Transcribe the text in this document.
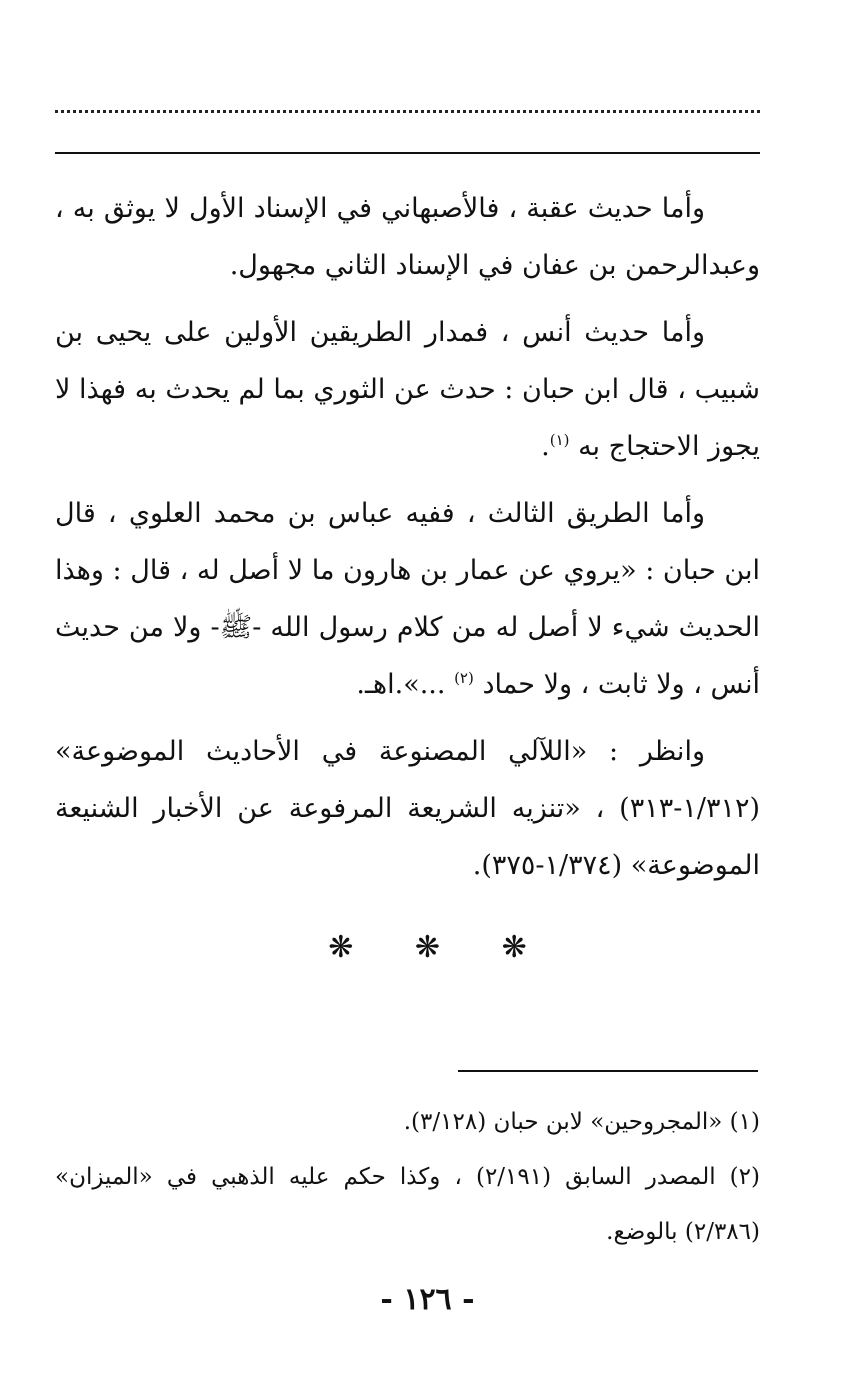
وأما حديث عقبة ، فالأصبهاني في الإسناد الأول لا يوثق به ، وعبدالرحمن بن عفان في الإسناد الثاني مجهول.

وأما حديث أنس ، فمدار الطريقين الأولين على يحيى بن شبيب ، قال ابن حبان : حدث عن الثوري بما لم يحدث به فهذا لا يجوز الاحتجاج به $^{(١)}$.

وأما الطريق الثالث ، ففيه عباس بن محمد العلوي ، قال ابن حبان : «يروي عن عمار بن هارون ما لا أصل له ، قال : وهذا الحديث شيء لا أصل له من كلام رسول الله -ﷺ- ولا من حديث أنس ، ولا ثابت ، ولا حماد $^{(٢)}$ ...».اهـ.

وانظر : «اللآلي المصنوعة في الأحاديث الموضوعة» (١/٣١٢-٣١٣) ، «تنزيه الشريعة المرفوعة عن الأخبار الشنيعة الموضوعة» (١/٣٧٤-٣٧٥).

❋ ❋ ❋

(١) «المجروحين» لابن حبان (٣/١٢٨).

(٢) المصدر السابق (٢/١٩١) ، وكذا حكم عليه الذهبي في «الميزان» (٢/٣٨٦) بالوضع.

- ١٢٦ -
